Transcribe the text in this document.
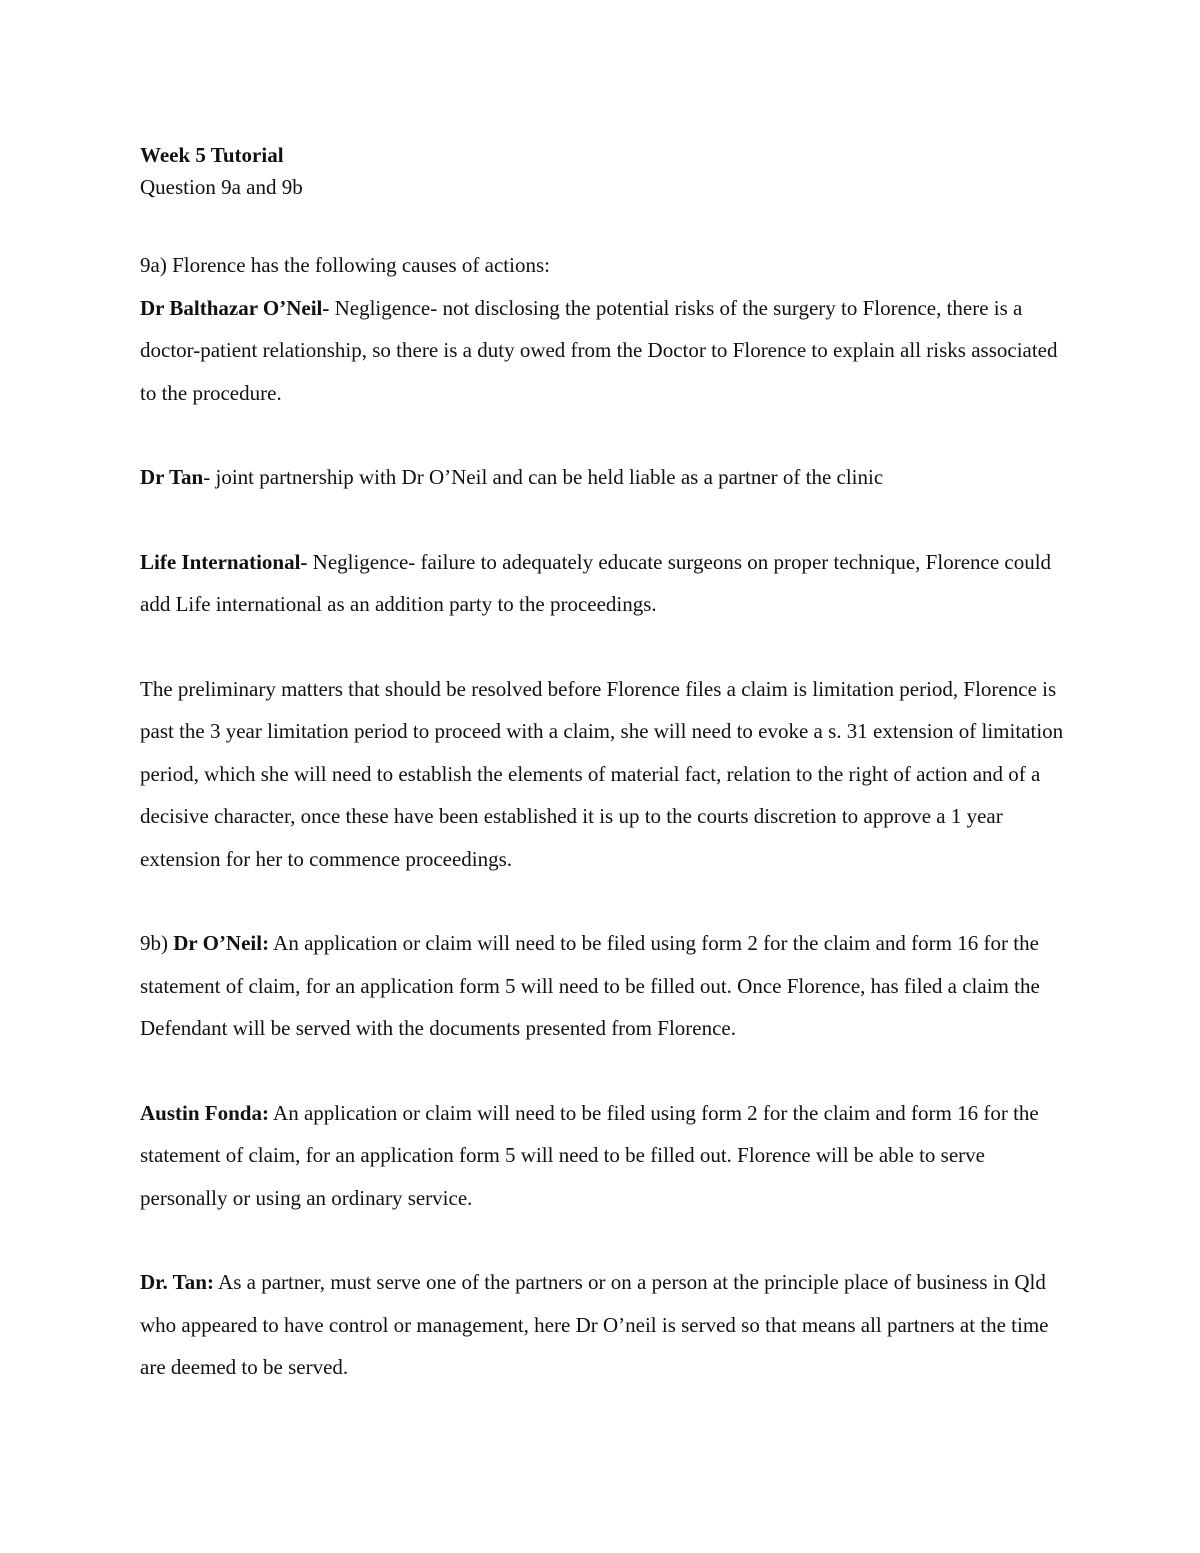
Week 5 Tutorial
Question 9a and 9b

9a) Florence has the following causes of actions:

Dr Balthazar O’Neil- Negligence- not disclosing the potential risks of the surgery to Florence, there is a doctor-patient relationship, so there is a duty owed from the Doctor to Florence to explain all risks associated to the procedure.

Dr Tan- joint partnership with Dr O’Neil and can be held liable as a partner of the clinic

Life International- Negligence- failure to adequately educate surgeons on proper technique, Florence could add Life international as an addition party to the proceedings.

The preliminary matters that should be resolved before Florence files a claim is limitation period, Florence is past the 3 year limitation period to proceed with a claim, she will need to evoke a s. 31 extension of limitation period, which she will need to establish the elements of material fact, relation to the right of action and of a decisive character, once these have been established it is up to the courts discretion to approve a 1 year extension for her to commence proceedings.

9b) Dr O’Neil: An application or claim will need to be filed using form 2 for the claim and form 16 for the statement of claim, for an application form 5 will need to be filled out. Once Florence, has filed a claim the Defendant will be served with the documents presented from Florence.

Austin Fonda: An application or claim will need to be filed using form 2 for the claim and form 16 for the statement of claim, for an application form 5 will need to be filled out. Florence will be able to serve personally or using an ordinary service.

Dr. Tan: As a partner, must serve one of the partners or on a person at the principle place of business in Qld who appeared to have control or management, here Dr O’neil is served so that means all partners at the time are deemed to be served.
